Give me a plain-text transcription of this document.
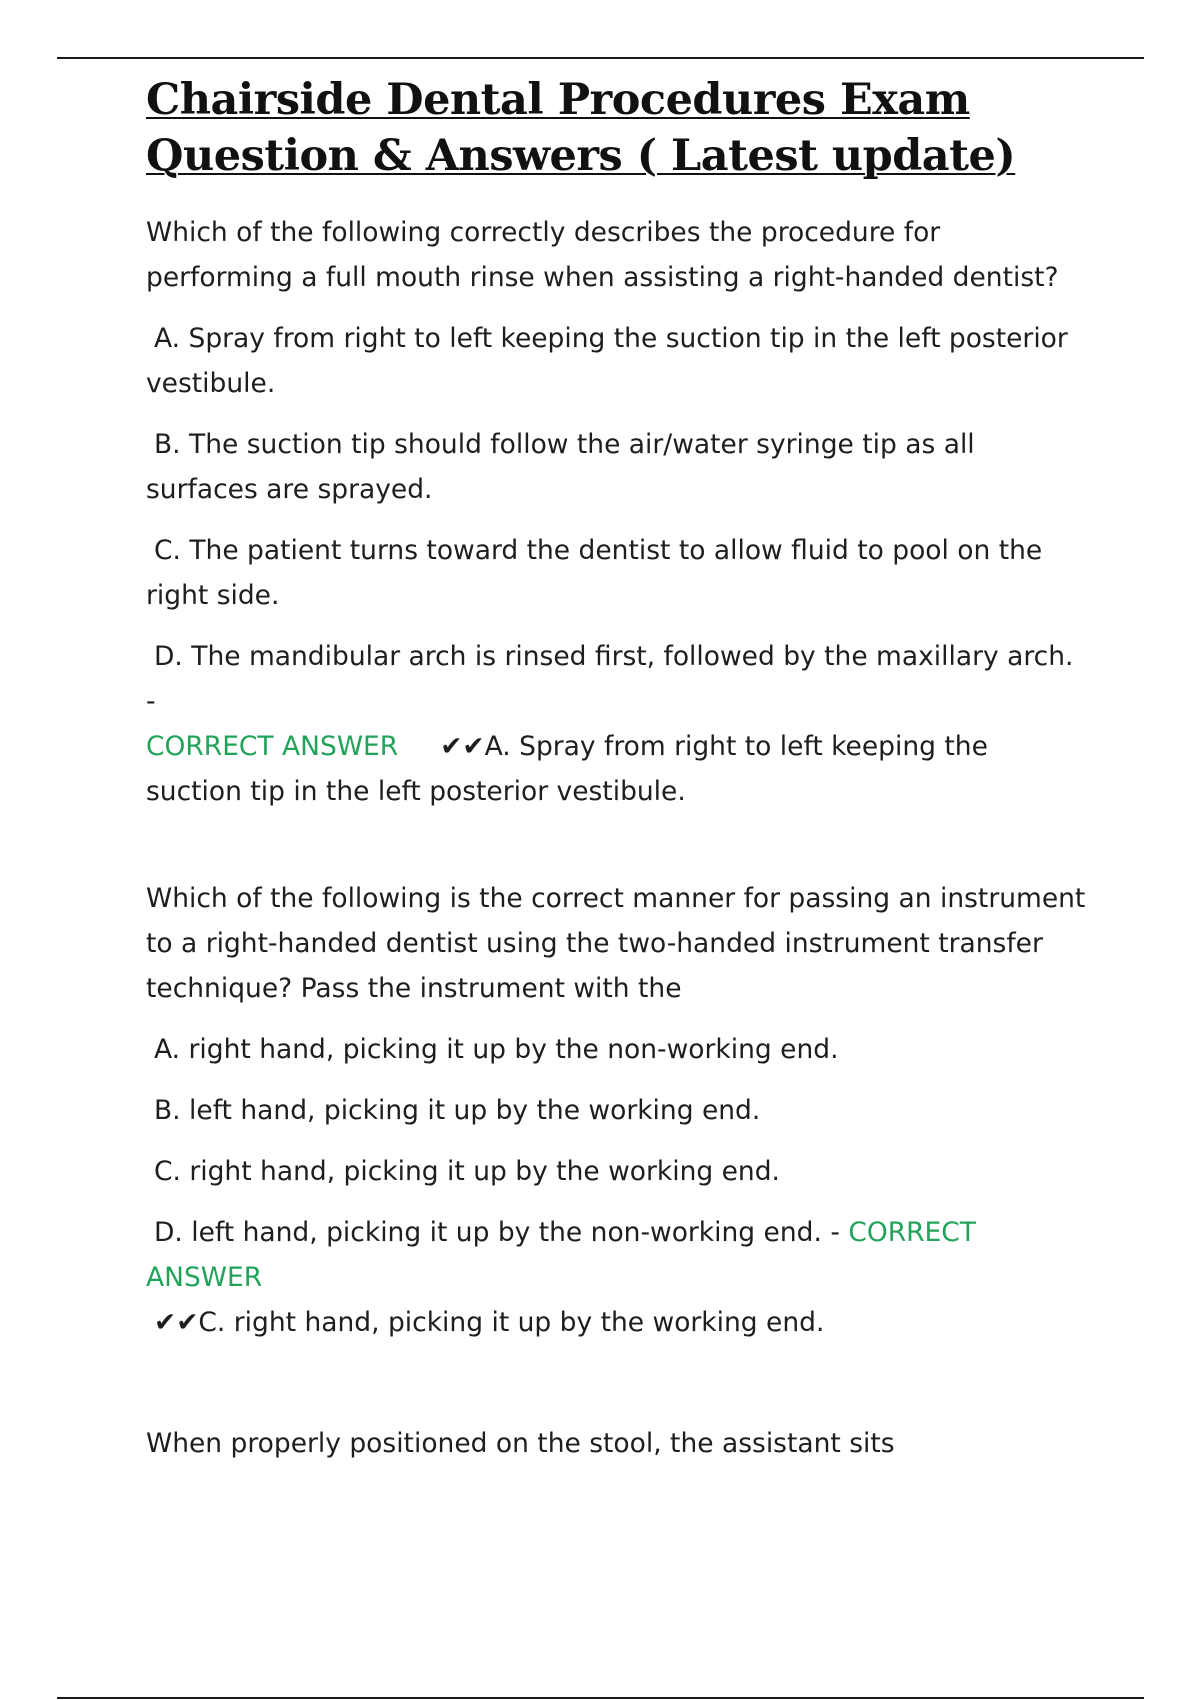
Chairside Dental Procedures Exam Question & Answers ( Latest update)

Which of the following correctly describes the procedure for performing a full mouth rinse when assisting a right-handed dentist?

A. Spray from right to left keeping the suction tip in the left posterior vestibule.

B. The suction tip should follow the air/water syringe tip as all surfaces are sprayed.

C. The patient turns toward the dentist to allow fluid to pool on the right side.

D. The mandibular arch is rinsed first, followed by the maxillary arch. -
CORRECT ANSWER ✔✔A. Spray from right to left keeping the suction tip in the left posterior vestibule.

Which of the following is the correct manner for passing an instrument to a right-handed dentist using the two-handed instrument transfer technique? Pass the instrument with the

A. right hand, picking it up by the non-working end.

B. left hand, picking it up by the working end.

C. right hand, picking it up by the working end.

D. left hand, picking it up by the non-working end. - CORRECT ANSWER
✔✔C. right hand, picking it up by the working end.

When properly positioned on the stool, the assistant sits
